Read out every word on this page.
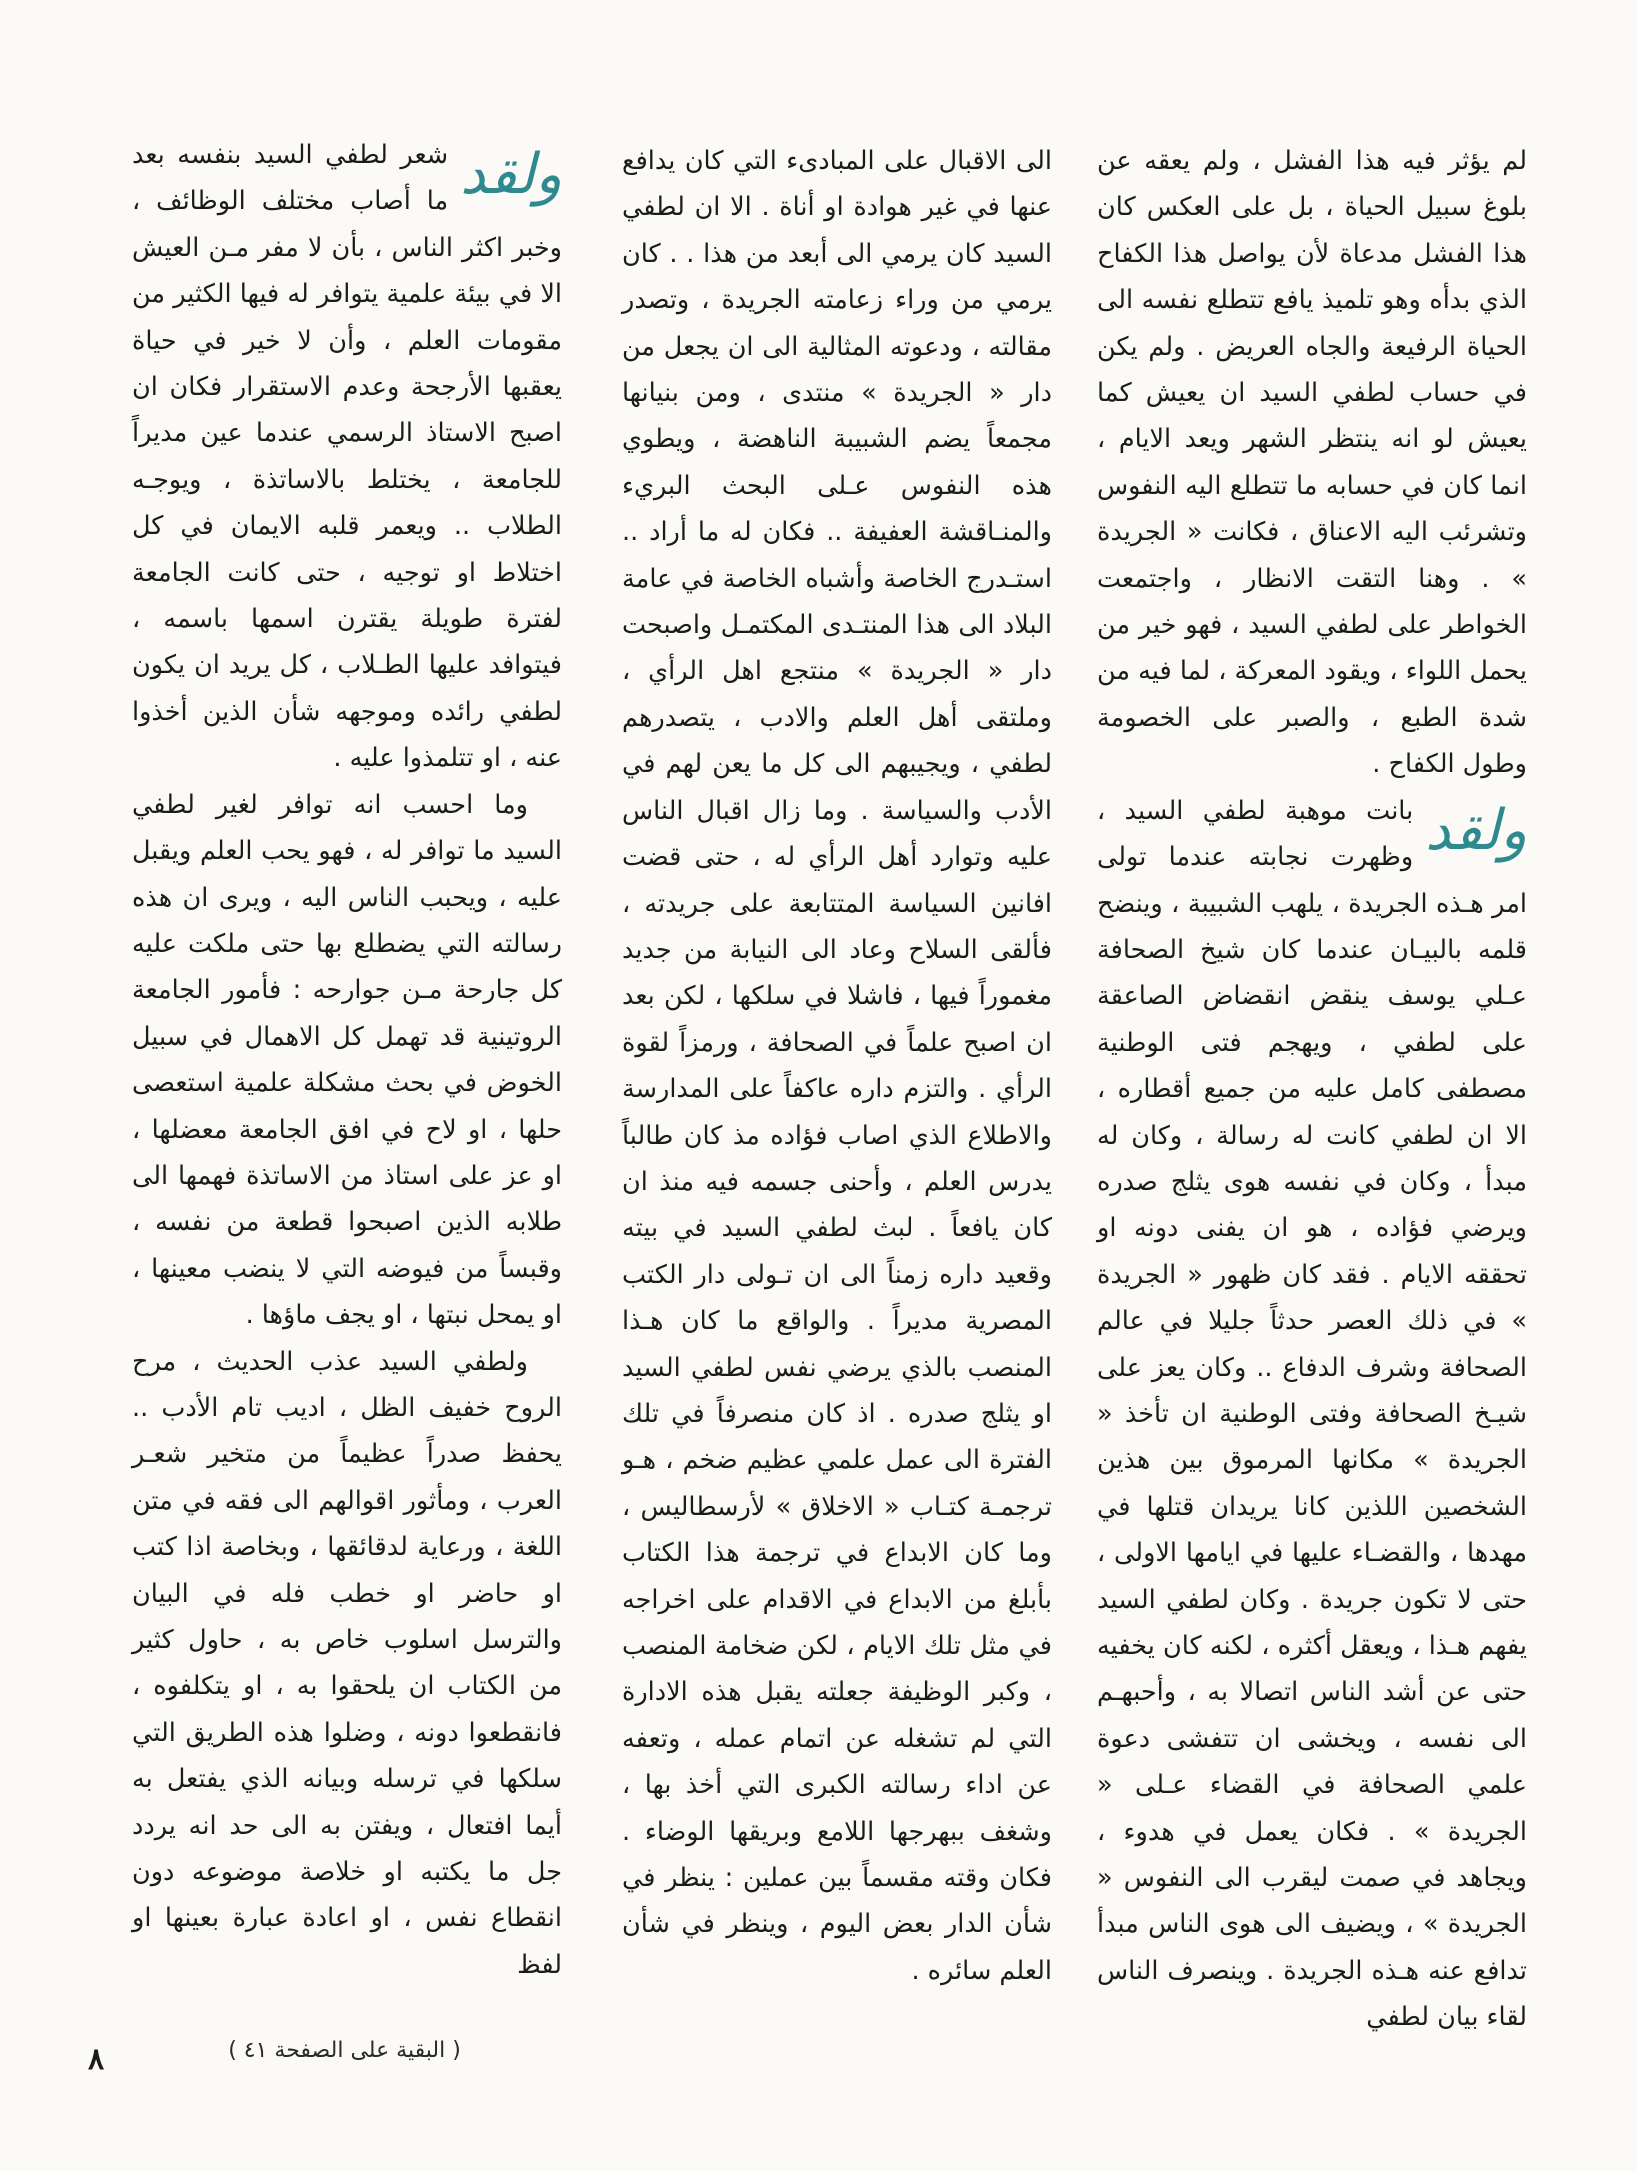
لم يؤثر فيه هذا الفشل ، ولم يعقه عن بلوغ سبيل الحياة ، بل على العكس كان هذا الفشل مدعاة لأن يواصل هذا الكفاح الذي بدأه وهو تلميذ يافع تتطلع نفسه الى الحياة الرفيعة والجاه العريض . ولم يكن في حساب لطفي السيد ان يعيش كما يعيش لو انه ينتظر الشهر ويعد الايام ، انما كان في حسابه ما تتطلع اليه النفوس وتشرئب اليه الاعناق ، فكانت « الجريدة » . وهنا التقت الانظار ، واجتمعت الخواطر على لطفي السيد ، فهو خير من يحمل اللواء ، ويقود المعركة ، لما فيه من شدة الطبع ، والصبر على الخصومة وطول الكفاح .

ولقد

بانت موهبة لطفي السيد ، وظهرت نجابته عندما تولى امر هـذه الجريدة ، يلهب الشبيبة ، وينضح قلمه بالبيـان عندما كان شيخ الصحافة عـلي يوسف ينقض انقضاض الصاعقة على لطفي ، ويهجم فتى الوطنية مصطفى كامل عليه من جميع أقطاره ، الا ان لطفي كانت له رسالة ، وكان له مبدأ ، وكان في نفسه هوى يثلج صدره ويرضي فؤاده ، هو ان يفنى دونه او تحققه الايام . فقد كان ظهور « الجريدة » في ذلك العصر حدثاً جليلا في عالم الصحافة وشرف الدفاع .. وكان يعز على شيـخ الصحافة وفتى الوطنية ان تأخذ « الجريدة » مكانها المرموق بين هذين الشخصين اللذين كانا يريدان قتلها في مهدها ، والقضـاء عليها في ايامها الاولى ، حتى لا تكون جريدة . وكان لطفي السيد يفهم هـذا ، ويعقل أكثره ، لكنه كان يخفيه حتى عن أشد الناس اتصالا به ، وأحبهـم الى نفسه ، ويخشى ان تتفشى دعوة علمي الصحافة في القضاء عـلى « الجريدة » . فكان يعمل في هدوء ، ويجاهد في صمت ليقرب الى النفوس « الجريدة » ، ويضيف الى هوى الناس مبدأ تدافع عنه هـذه الجريدة . وينصرف الناس لقاء بيان لطفي

الى الاقبال على المبادىء التي كان يدافع عنها في غير هوادة او أناة . الا ان لطفي السيد كان يرمي الى أبعد من هذا . . كان يرمي من وراء زعامته الجريدة ، وتصدر مقالته ، ودعوته المثالية الى ان يجعل من دار « الجريدة » منتدى ، ومن بنيانها مجمعاً يضم الشبيبة الناهضة ، ويطوي هذه النفوس عـلى البحث البريء والمنـاقشة العفيفة .. فكان له ما أراد .. استـدرج الخاصة وأشباه الخاصة في عامة البلاد الى هذا المنتـدى المكتمـل واصبحت دار « الجريدة » منتجع اهل الرأي ، وملتقى أهل العلم والادب ، يتصدرهم لطفي ، ويجيبهم الى كل ما يعن لهم في الأدب والسياسة . وما زال اقبال الناس عليه وتوارد أهل الرأي له ، حتى قضت افانين السياسة المتتابعة على جريدته ، فألقى السلاح وعاد الى النيابة من جديد مغموراً فيها ، فاشلا في سلكها ، لكن بعد ان اصبح علماً في الصحافة ، ورمزاً لقوة الرأي . والتزم داره عاكفاً على المدارسة والاطلاع الذي اصاب فؤاده مذ كان طالباً يدرس العلم ، وأحنى جسمه فيه منذ ان كان يافعاً . لبث لطفي السيد في بيته وقعيد داره زمناً الى ان تـولى دار الكتب المصرية مديراً . والواقع ما كان هـذا المنصب بالذي يرضي نفس لطفي السيد او يثلج صدره . اذ كان منصرفاً في تلك الفترة الى عمل علمي عظيم ضخم ، هـو ترجمـة كتـاب « الاخلاق » لأرسطاليس ، وما كان الابداع في ترجمة هذا الكتاب بأبلغ من الابداع في الاقدام على اخراجه في مثل تلك الايام ، لكن ضخامة المنصب ، وكبر الوظيفة جعلته يقبل هذه الادارة التي لم تشغله عن اتمام عمله ، وتعفه عن اداء رسالته الكبرى التي أخذ بها ، وشغف ببهرجها اللامع وبريقها الوضاء . فكان وقته مقسماً بين عملين : ينظر في شأن الدار بعض اليوم ، وينظر في شأن العلم سائره .

ولقد

شعر لطفي السيد بنفسه بعد ما أصاب مختلف الوظائف ، وخبر اكثر الناس ، بأن لا مفر مـن العيش الا في بيئة علمية يتوافر له فيها الكثير من مقومات العلم ، وأن لا خير في حياة يعقبها الأرجحة وعدم الاستقرار فكان ان اصبح الاستاذ الرسمي عندما عين مديراً للجامعة ، يختلط بالاساتذة ، ويوجـه الطلاب .. ويعمر قلبه الايمان في كل اختلاط او توجيه ، حتى كانت الجامعة لفترة طويلة يقترن اسمها باسمه ، فيتوافد عليها الطـلاب ، كل يريد ان يكون لطفي رائده وموجهه شأن الذين أخذوا عنه ، او تتلمذوا عليه .

وما احسب انه توافر لغير لطفي السيد ما توافر له ، فهو يحب العلم ويقبل عليه ، ويحبب الناس اليه ، ويرى ان هذه رسالته التي يضطلع بها حتى ملكت عليه كل جارحة مـن جوارحه : فأمور الجامعة الروتينية قد تهمل كل الاهمال في سبيل الخوض في بحث مشكلة علمية استعصى حلها ، او لاح في افق الجامعة معضلها ، او عز على استاذ من الاساتذة فهمها الى طلابه الذين اصبحوا قطعة من نفسه ، وقبساً من فيوضه التي لا ينضب معينها ، او يمحل نبتها ، او يجف ماؤها .

ولطفي السيد عذب الحديث ، مرح الروح خفيف الظل ، اديب تام الأدب .. يحفظ صدراً عظيماً من متخير شعـر العرب ، ومأثور اقوالهم الى فقه في متن اللغة ، ورعاية لدقائقها ، وبخاصة اذا كتب او حاضر او خطب فله في البيان والترسل اسلوب خاص به ، حاول كثير من الكتاب ان يلحقوا به ، او يتكلفوه ، فانقطعوا دونه ، وضلوا هذه الطريق التي سلكها في ترسله وبيانه الذي يفتعل به أيما افتعال ، ويفتن به الى حد انه يردد جل ما يكتبه او خلاصة موضوعه دون انقطاع نفس ، او اعادة عبارة بعينها او لفظ

( البقية على الصفحة ٤١ )
٨
